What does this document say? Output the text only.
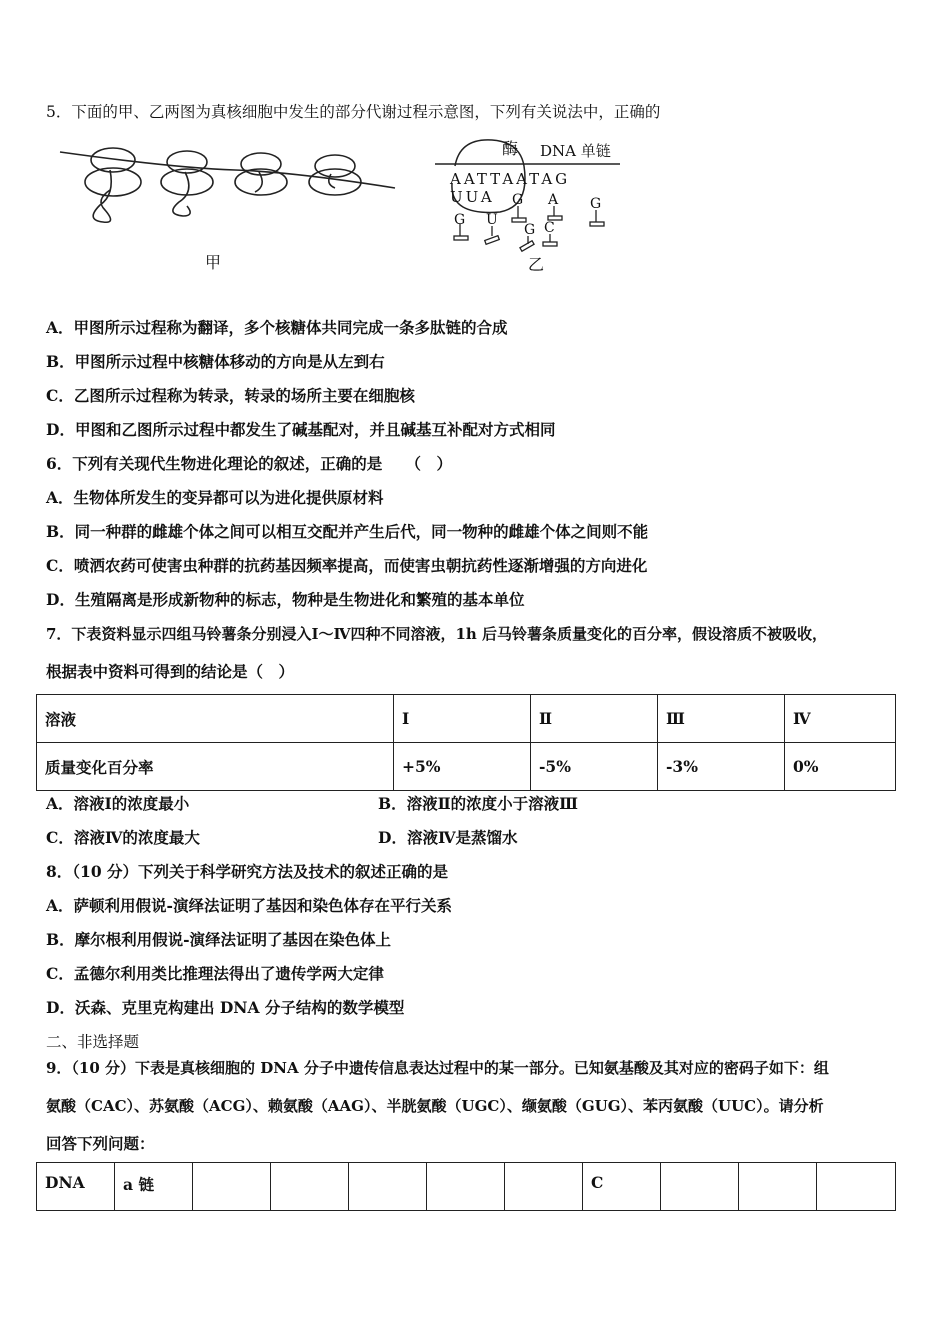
5．下面的甲、乙两图为真核细胞中发生的部分代谢过程示意图，下列有关说法中，正确的
甲
酶 DNA 单链
AATTAATAG
UUA
G U
G A G
G C
乙
A．甲图所示过程称为翻译，多个核糖体共同完成一条多肽链的合成
B．甲图所示过程中核糖体移动的方向是从左到右
C．乙图所示过程称为转录，转录的场所主要在细胞核
D．甲图和乙图所示过程中都发生了碱基配对，并且碱基互补配对方式相同
6．下列有关现代生物进化理论的叙述，正确的是　　（　）
A．生物体所发生的变异都可以为进化提供原材料
B．同一种群的雌雄个体之间可以相互交配并产生后代，同一物种的雌雄个体之间则不能
C．喷洒农药可使害虫种群的抗药基因频率提高，而使害虫朝抗药性逐渐增强的方向进化
D．生殖隔离是形成新物种的标志，物种是生物进化和繁殖的基本单位
7．下表资料显示四组马铃薯条分别浸入Ⅰ～Ⅳ四种不同溶液，1h 后马铃薯条质量变化的百分率，假设溶质不被吸收，
根据表中资料可得到的结论是（　）
溶液	Ⅰ	Ⅱ	Ⅲ	Ⅳ
质量变化百分率	+5%	-5%	-3%	0%
A．溶液Ⅰ的浓度最小	B．溶液Ⅱ的浓度小于溶液Ⅲ
C．溶液Ⅳ的浓度最大	D．溶液Ⅳ是蒸馏水
8．（10 分）下列关于科学研究方法及技术的叙述正确的是
A．萨顿利用假说-演绎法证明了基因和染色体存在平行关系
B．摩尔根利用假说-演绎法证明了基因在染色体上
C．孟德尔利用类比推理法得出了遗传学两大定律
D．沃森、克里克构建出 DNA 分子结构的数学模型
二、非选择题
9．（10 分）下表是真核细胞的 DNA 分子中遗传信息表达过程中的某一部分。已知氨基酸及其对应的密码子如下：组
氨酸（CAC）、苏氨酸（ACG）、赖氨酸（AAG）、半胱氨酸（UGC）、缬氨酸（GUG）、苯丙氨酸（UUC）。请分析
回答下列问题：
DNA	a 链						C			
